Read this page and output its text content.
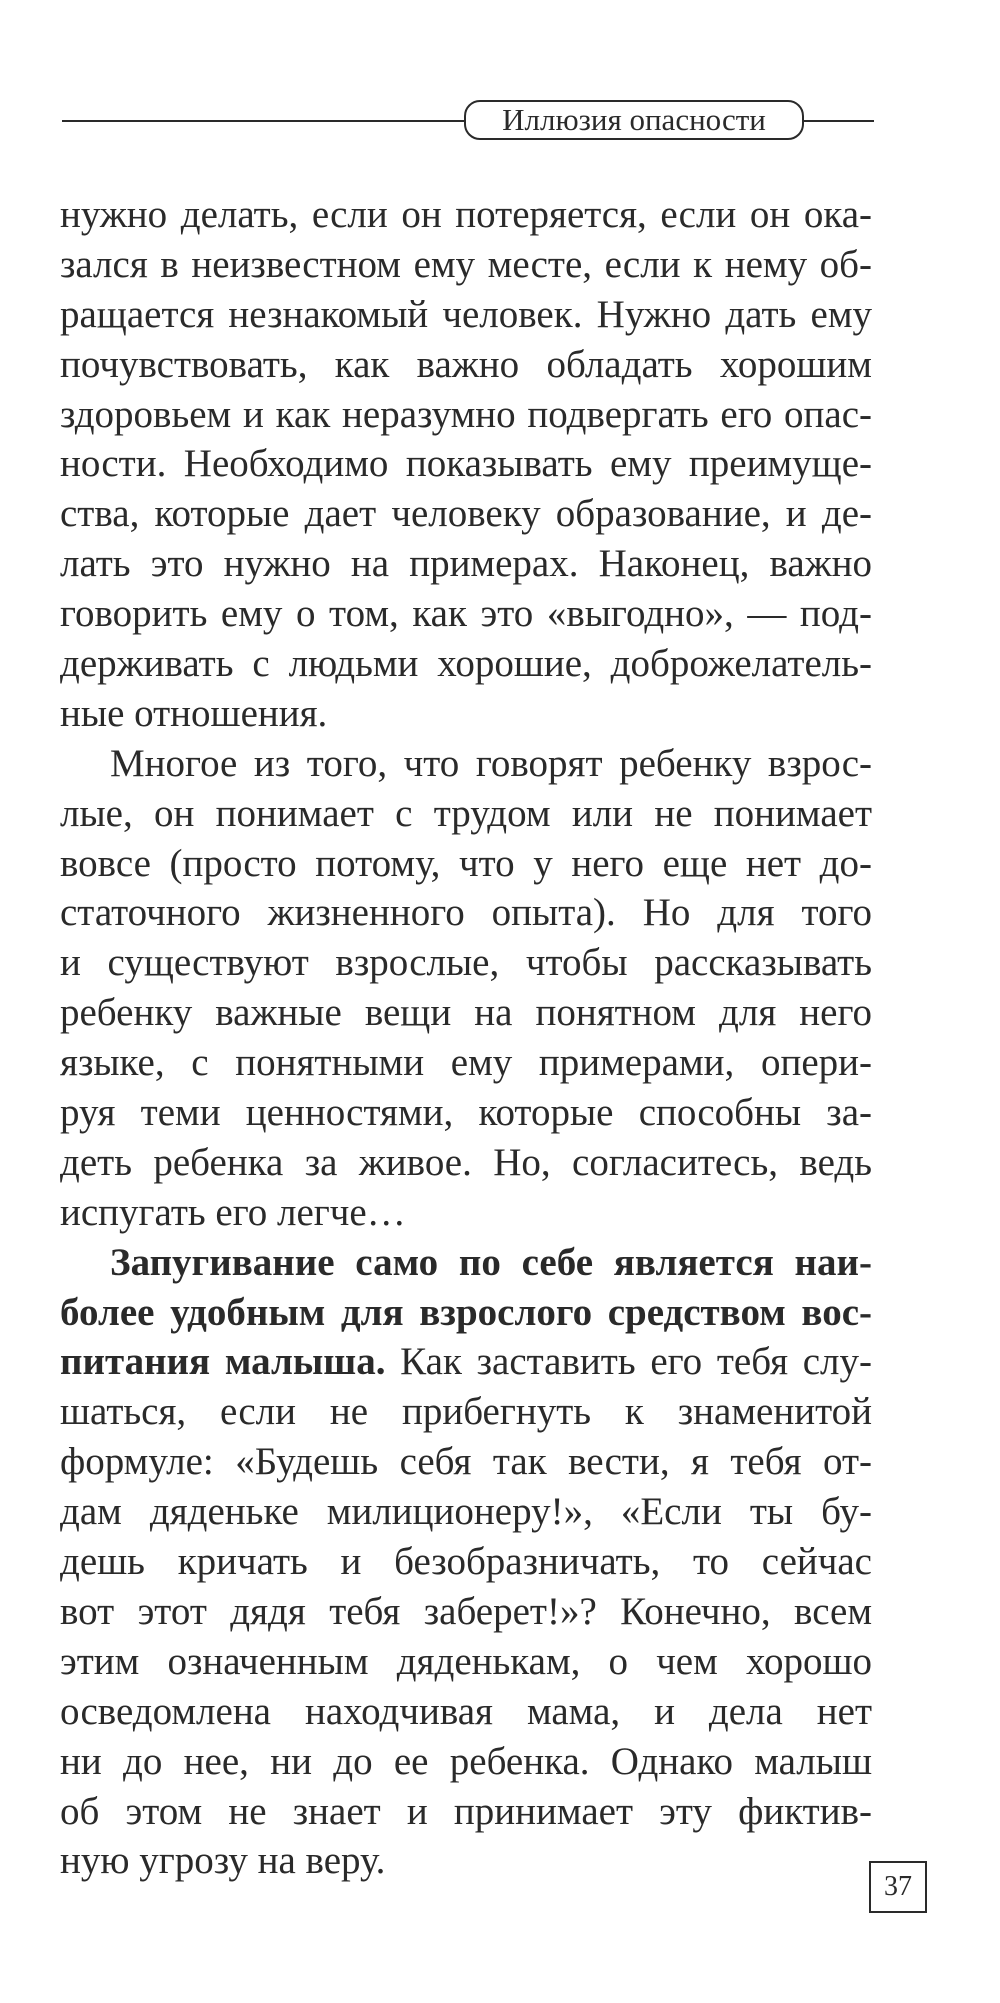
Иллюзия опасности
нужно делать, если он потеряется, если он ока-
зался в неизвестном ему месте, если к нему об-
ращается незнакомый человек. Нужно дать ему
почувствовать, как важно обладать хорошим
здоровьем и как неразумно подвергать его опас-
ности. Необходимо показывать ему преимуще-
ства, которые дает человеку образование, и де-
лать это нужно на примерах. Наконец, важно
говорить ему о том, как это «выгодно», — под-
держивать с людьми хорошие, доброжелатель-
ные отношения.
Многое из того, что говорят ребенку взрос-
лые, он понимает с трудом или не понимает
вовсе (просто потому, что у него еще нет до-
статочного жизненного опыта). Но для того
и существуют взрослые, чтобы рассказывать
ребенку важные вещи на понятном для него
языке, с понятными ему примерами, опери-
руя теми ценностями, которые способны за-
деть ребенка за живое. Но, согласитесь, ведь
испугать его легче…
Запугивание само по себе является наи-
более удобным для взрослого средством вос-
питания малыша. Как заставить его тебя слу-
шаться, если не прибегнуть к знаменитой
формуле: «Будешь себя так вести, я тебя от-
дам дяденьке милиционеру!», «Если ты бу-
дешь кричать и безобразничать, то сейчас
вот этот дядя тебя заберет!»? Конечно, всем
этим означенным дяденькам, о чем хорошо
осведомлена находчивая мама, и дела нет
ни до нее, ни до ее ребенка. Однако малыш
об этом не знает и принимает эту фиктив-
ную угрозу на веру.
37
